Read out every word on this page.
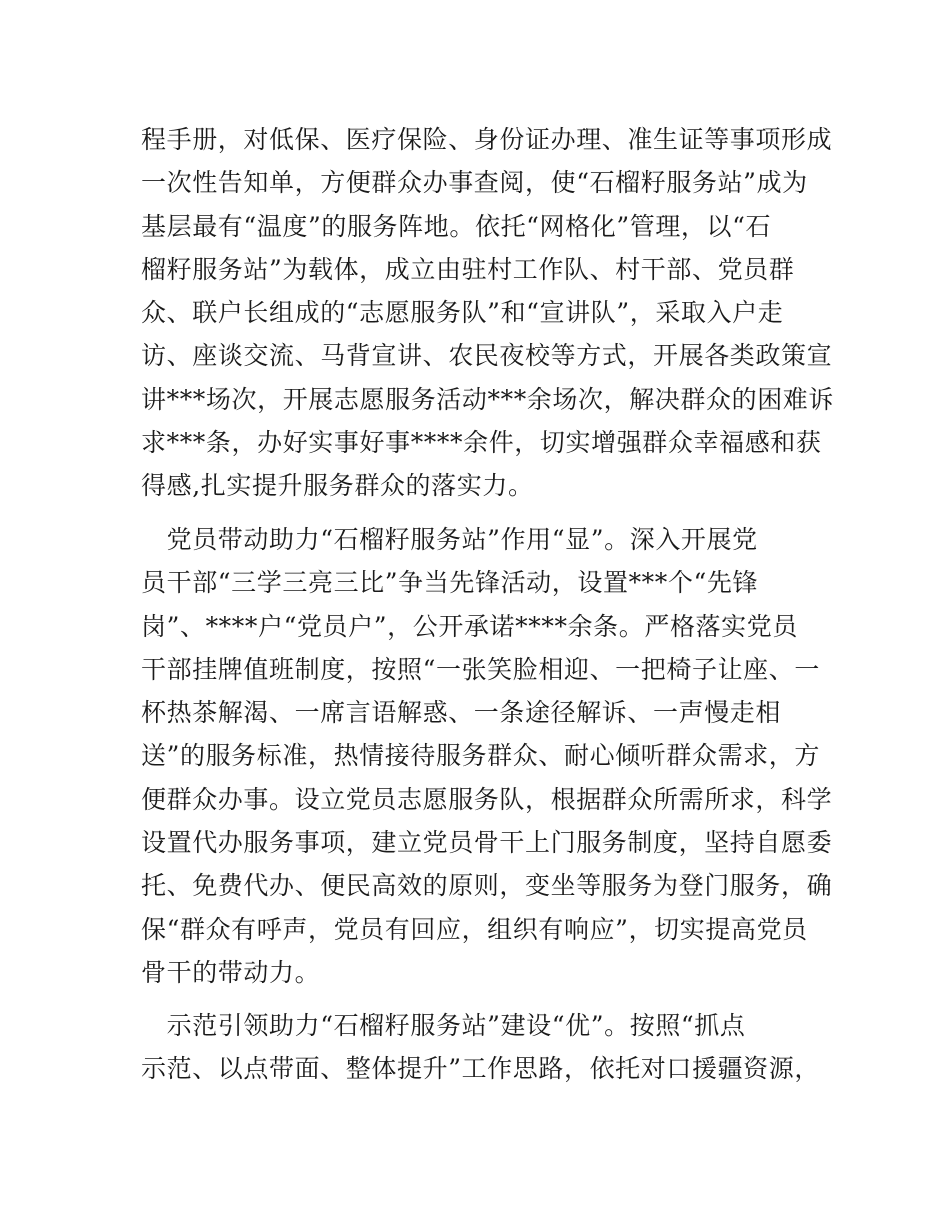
程手册，对低保、医疗保险、身份证办理、准生证等事项形成
一次性告知单，方便群众办事查阅，使“石榴籽服务站”成为
基层最有“温度”的服务阵地。依托“网格化”管理，以“石
榴籽服务站”为载体，成立由驻村工作队、村干部、党员群
众、联户长组成的“志愿服务队”和“宣讲队”，采取入户走
访、座谈交流、马背宣讲、农民夜校等方式，开展各类政策宣
讲***场次，开展志愿服务活动***余场次，解决群众的困难诉
求***条，办好实事好事****余件，切实增强群众幸福感和获
得感,扎实提升服务群众的落实力。
　党员带动助力“石榴籽服务站”作用“显”。深入开展党
员干部“三学三亮三比”争当先锋活动，设置***个“先锋
岗”、****户“党员户”，公开承诺****余条。严格落实党员
干部挂牌值班制度，按照“一张笑脸相迎、一把椅子让座、一
杯热茶解渴、一席言语解惑、一条途径解诉、一声慢走相
送”的服务标准，热情接待服务群众、耐心倾听群众需求，方
便群众办事。设立党员志愿服务队，根据群众所需所求，科学
设置代办服务事项，建立党员骨干上门服务制度，坚持自愿委
托、免费代办、便民高效的原则，变坐等服务为登门服务，确
保“群众有呼声，党员有回应，组织有响应”，切实提高党员
骨干的带动力。
　示范引领助力“石榴籽服务站”建设“优”。按照“抓点
示范、以点带面、整体提升”工作思路，依托对口援疆资源，
